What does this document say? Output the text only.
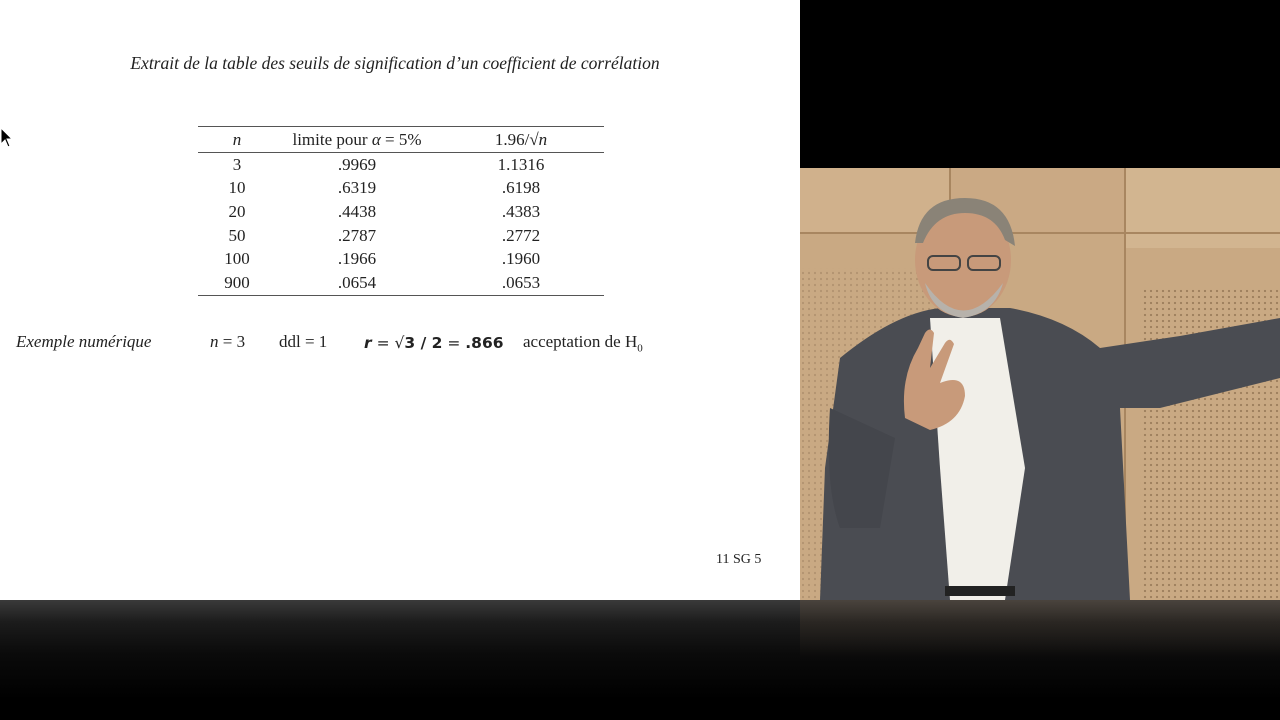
Extrait de la table des seuils de signification d’un coefficient de corrélation
n	limite pour α = 5%	1.96/√n
3	.9969	1.1316
10	.6319	.6198
20	.4438	.4383
50	.2787	.2772
100	.1966	.1960
900	.0654	.0653
Exemple numérique	n = 3 ddl = 1 r = √3 / 2 = .866 acceptation de $H_0$
11 SG 5
